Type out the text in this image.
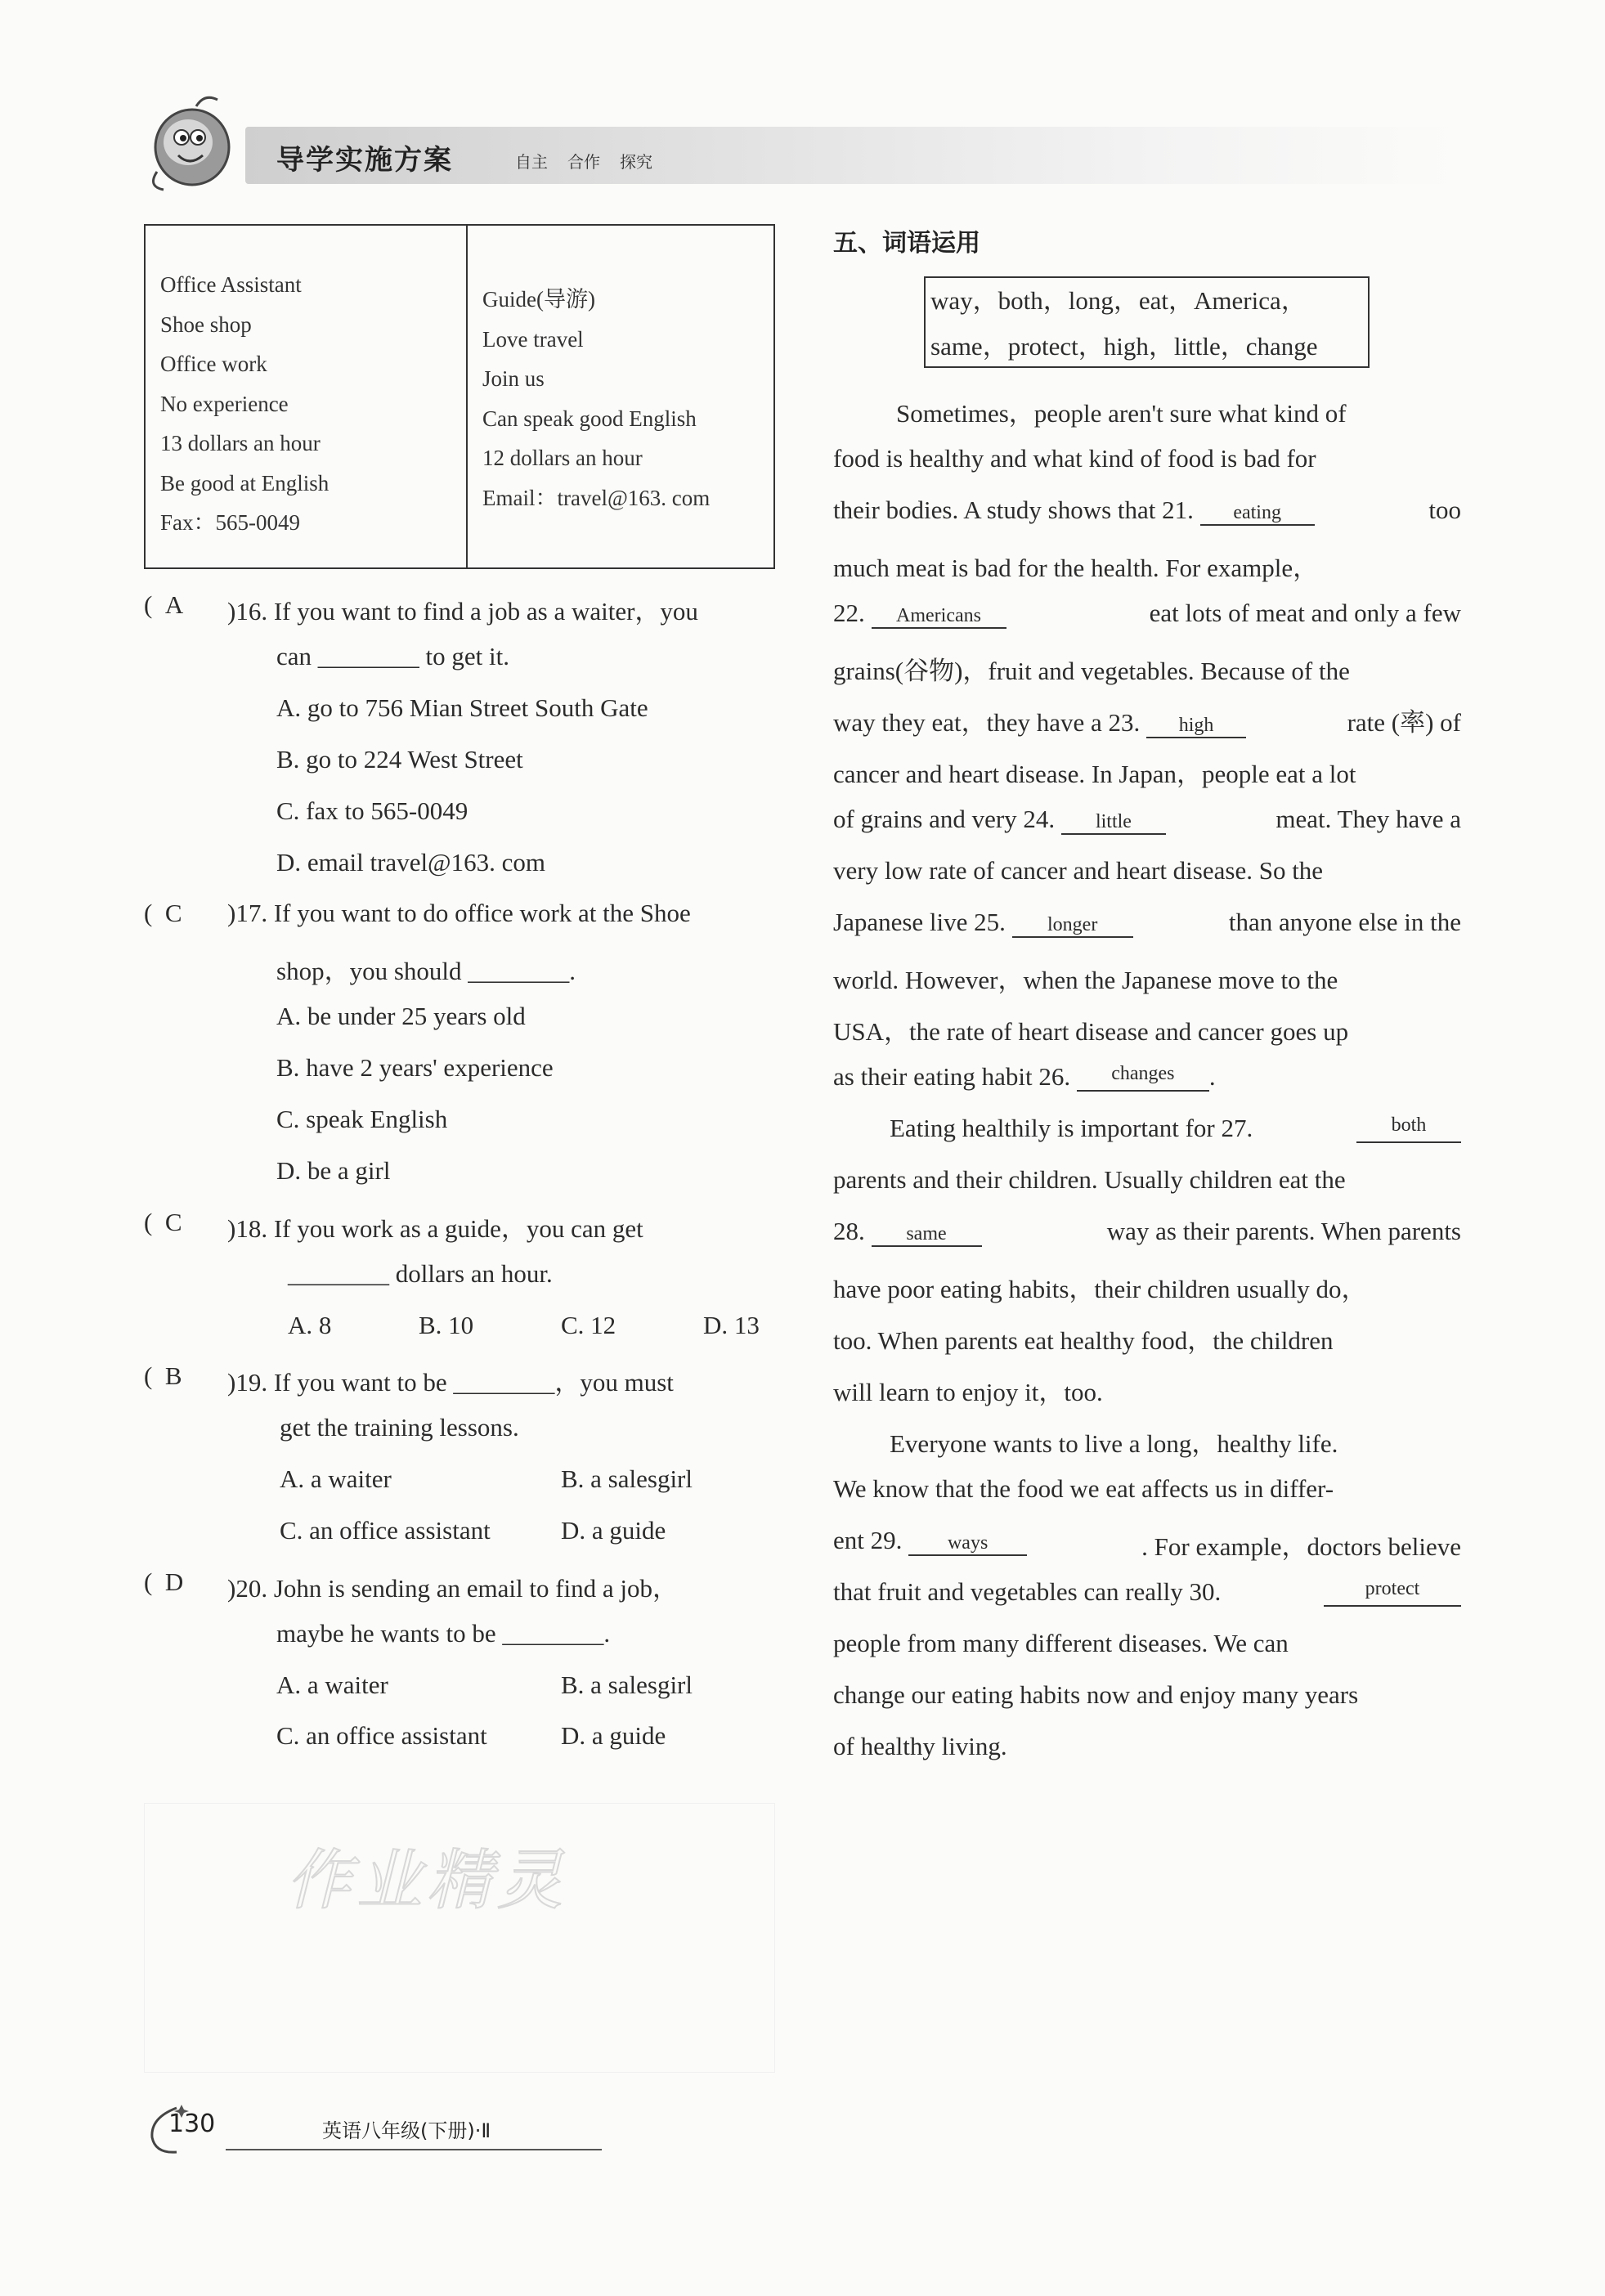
导学实施方案	自主 合作 探究
Office Assistant
Shoe shop
Office work
No experience
13 dollars an hour
Be good at English
Fax：565-0049
Guide(导游)
Love travel
Join us
Can speak good English
12 dollars an hour
Email：travel@163. com
(  A )16. If you want to find a job as a waiter，you
can ________ to get it.
A. go to 756 Mian Street South Gate
B. go to 224 West Street
C. fax to 565-0049
D. email travel@163. com
(  C )17. If you want to do office work at the Shoe
shop，you should ________.
A. be under 25 years old
B. have 2 years' experience
C. speak English
D. be a girl
(  C )18. If you work as a guide，you can get
________ dollars an hour.
A. 8	B. 10	C. 12	D. 13
(  B )19. If you want to be ________，you must
get the training lessons.
A. a waiter	B. a salesgirl
C. an office assistant	D. a guide
(  D )20. John is sending an email to find a job，
maybe he wants to be ________.
A. a waiter	B. a salesgirl
C. an office assistant	D. a guide
作业精灵
五、词语运用
way，both，long，eat，America，
same，protect，high，little，change
Sometimes，people aren't sure what kind of
food is healthy and what kind of food is bad for
their bodies. A study shows that 21. eating	too
much meat is bad for the health. For example，
22. Americans	eat lots of meat and only a few
grains(谷物)，fruit and vegetables. Because of the
way they eat，they have a 23. high	rate (率) of
cancer and heart disease. In Japan，people eat a lot
of grains and very 24. little	meat. They have a
very low rate of cancer and heart disease. So the
Japanese live 25. longer	than anyone else in the
world. However，when the Japanese move to the
USA，the rate of heart disease and cancer goes up
as their eating habit 26.
	changes	.
Eating healthily is important for 27.	both
parents and their children. Usually children eat the
28. same	way as their parents. When parents
have poor eating habits，their children usually do，
too. When parents eat healthy food，the children
will learn to enjoy it，too.
Everyone wants to live a long，healthy life.
We know that the food we eat affects us in differ-
ent 29. ways	. For example，doctors believe
that fruit and vegetables can really 30.	protect
people from many different diseases. We can
change our eating habits now and enjoy many years
of healthy living.
130	英语八年级(下册)·Ⅱ
